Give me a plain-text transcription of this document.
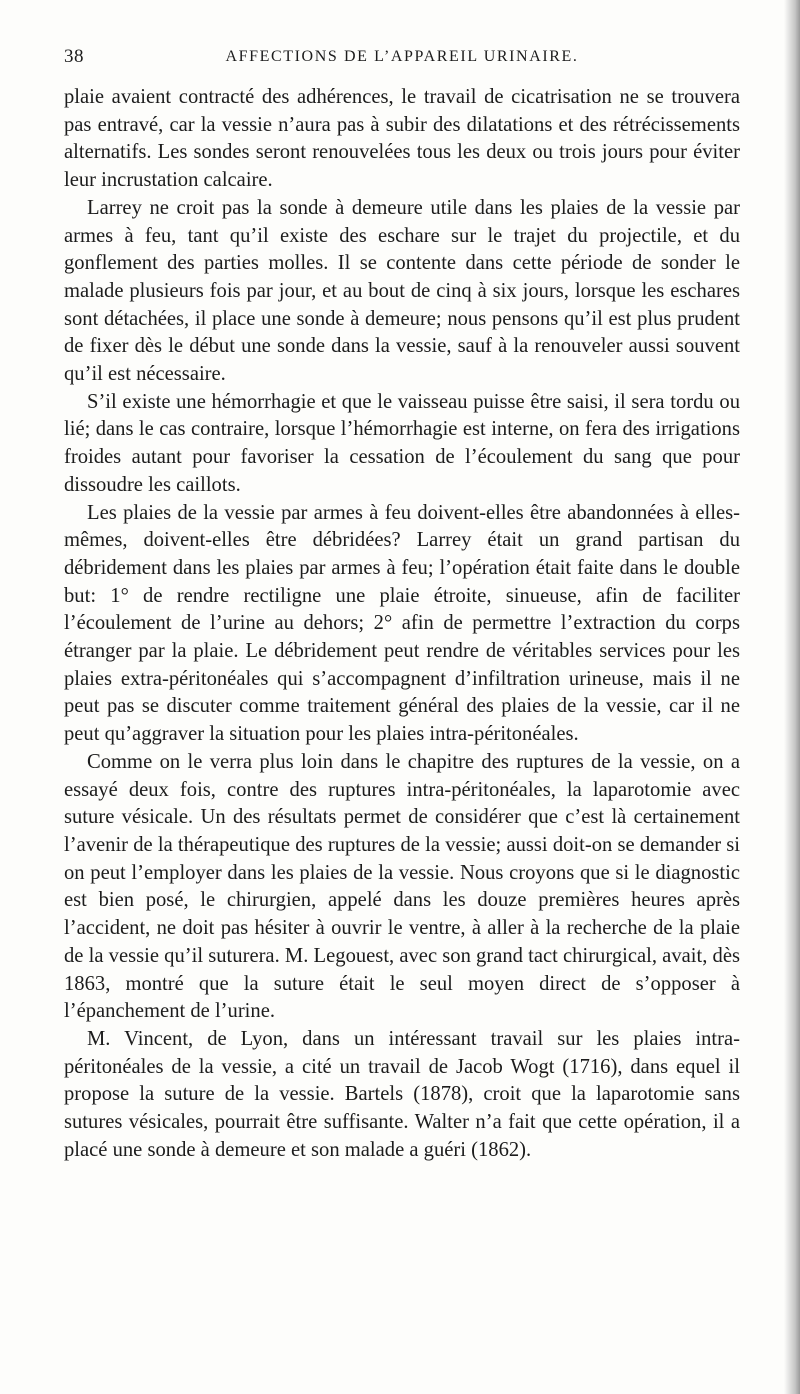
38	AFFECTIONS DE L’APPAREIL URINAIRE.

plaie avaient contracté des adhérences, le travail de cicatrisation ne se trouvera pas entravé, car la vessie n’aura pas à subir des dilatations et des rétrécissements alternatifs. Les sondes seront renouvelées tous les deux ou trois jours pour éviter leur incrustation calcaire.

Larrey ne croit pas la sonde à demeure utile dans les plaies de la vessie par armes à feu, tant qu’il existe des eschare sur le trajet du projectile, et du gonflement des parties molles. Il se contente dans cette période de sonder le malade plusieurs fois par jour, et au bout de cinq à six jours, lorsque les eschares sont détachées, il place une sonde à demeure; nous pensons qu’il est plus prudent de fixer dès le début une sonde dans la vessie, sauf à la renouveler aussi souvent qu’il est nécessaire.

S’il existe une hémorrhagie et que le vaisseau puisse être saisi, il sera tordu ou lié; dans le cas contraire, lorsque l’hémorrhagie est interne, on fera des irrigations froides autant pour favoriser la cessation de l’écoulement du sang que pour dissoudre les caillots.

Les plaies de la vessie par armes à feu doivent-elles être abandonnées à elles-mêmes, doivent-elles être débridées? Larrey était un grand partisan du débridement dans les plaies par armes à feu; l’opération était faite dans le double but: 1° de rendre rectiligne une plaie étroite, sinueuse, afin de faciliter l’écoulement de l’urine au dehors; 2° afin de permettre l’extraction du corps étranger par la plaie. Le débridement peut rendre de véritables services pour les plaies extra-péritonéales qui s’accompagnent d’infiltration urineuse, mais il ne peut pas se discuter comme traitement général des plaies de la vessie, car il ne peut qu’aggraver la situation pour les plaies intra-péritonéales.

Comme on le verra plus loin dans le chapitre des ruptures de la vessie, on a essayé deux fois, contre des ruptures intra-péritonéales, la laparotomie avec suture vésicale. Un des résultats permet de considérer que c’est là certainement l’avenir de la thérapeutique des ruptures de la vessie; aussi doit-on se demander si on peut l’employer dans les plaies de la vessie. Nous croyons que si le diagnostic est bien posé, le chirurgien, appelé dans les douze premières heures après l’accident, ne doit pas hésiter à ouvrir le ventre, à aller à la recherche de la plaie de la vessie qu’il suturera. M. Legouest, avec son grand tact chirurgical, avait, dès 1863, montré que la suture était le seul moyen direct de s’opposer à l’épanchement de l’urine.

M. Vincent, de Lyon, dans un intéressant travail sur les plaies intra-péritonéales de la vessie, a cité un travail de Jacob Wogt (1716), dans equel il propose la suture de la vessie. Bartels (1878), croit que la laparotomie sans sutures vésicales, pourrait être suffisante. Walter n’a fait que cette opération, il a placé une sonde à demeure et son malade a guéri (1862).
